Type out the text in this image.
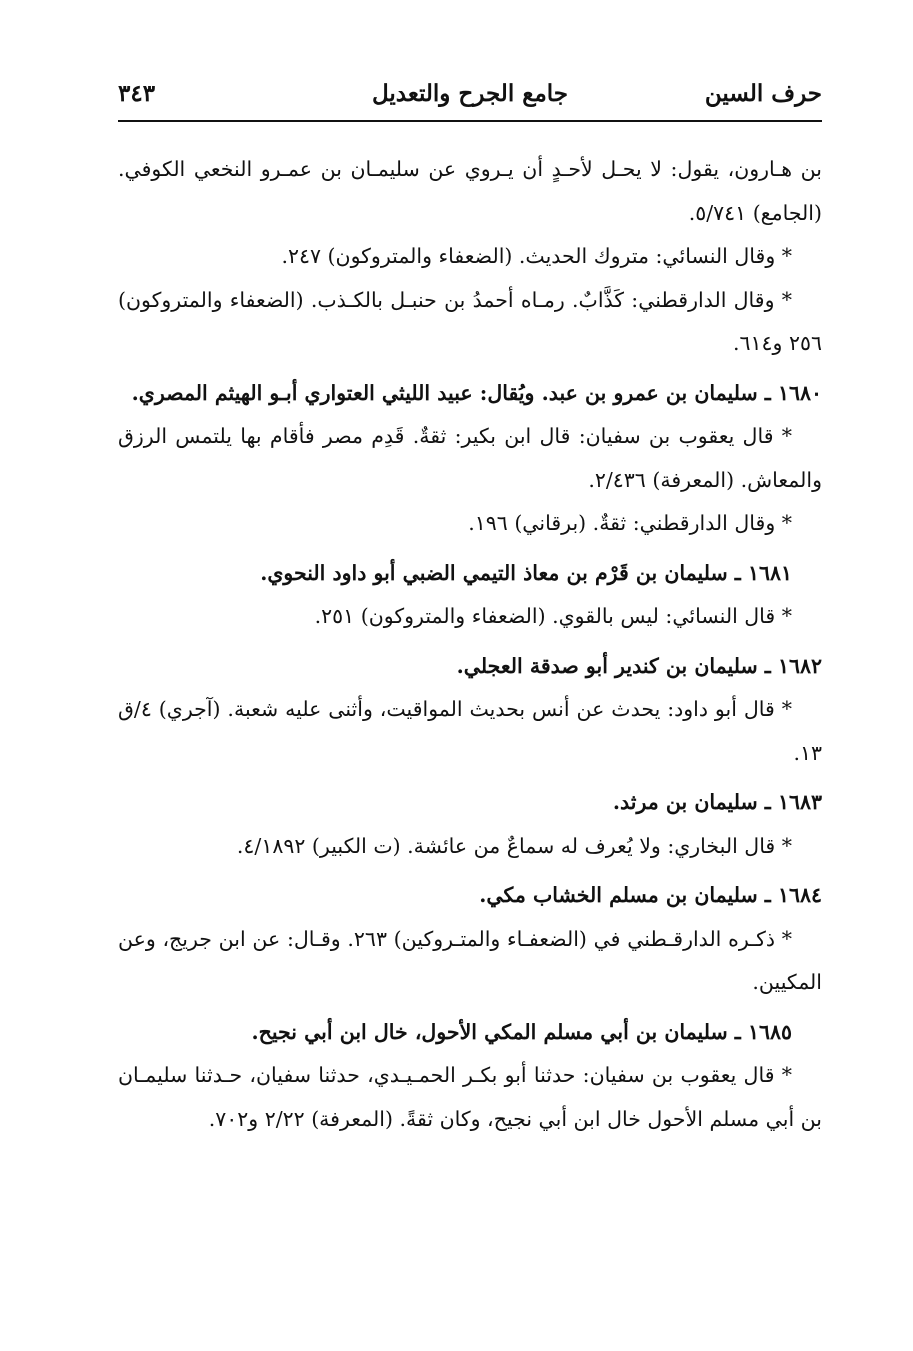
حرف السين
جامع الجرح والتعديل
٣٤٣

بن هـارون، يقول: لا يحـل لأحـدٍ أن يـروي عن سليمـان بن عمـرو النخعي الكوفي. (الجامع) ٥/٧٤١.

* وقال النسائي: متروك الحديث. (الضعفاء والمتروكون) ٢٤٧.

* وقال الدارقطني: كَذَّابٌ. رمـاه أحمدُ بن حنبـل بالكـذب. (الضعفاء والمتروكون) ٢٥٦ و٦١٤.

١٦٨٠ ـ سليمان بن عمرو بن عبد. ويُقال: عبيد الليثي العتواري أبـو الهيثم المصري.

* قال يعقوب بن سفيان: قال ابن بكير: ثقةٌ. قَدِم مصر فأقام بها يلتمس الرزق والمعاش. (المعرفة) ٢/٤٣٦.

* وقال الدارقطني: ثقةٌ. (برقاني) ١٩٦.

١٦٨١ ـ سليمان بن قَرْم بن معاذ التيمي الضبي أبو داود النحوي.

* قال النسائي: ليس بالقوي. (الضعفاء والمتروكون) ٢٥١.

١٦٨٢ ـ سليمان بن كندير أبو صدقة العجلي.

* قال أبو داود: يحدث عن أنس بحديث المواقيت، وأثنى عليه شعبة. (آجري) ٤/ق ١٣.

١٦٨٣ ـ سليمان بن مرثد.

* قال البخاري: ولا يُعرف له سماعٌ من عائشة. (ت الكبير) ٤/١٨٩٢.

١٦٨٤ ـ سليمان بن مسلم الخشاب مكي.

* ذكـره الدارقـطني في (الضعفـاء والمتـروكين) ٢٦٣. وقـال: عن ابن جريج، وعن المكيين.

١٦٨٥ ـ سليمان بن أبي مسلم المكي الأحول، خال ابن أبي نجيح.

* قال يعقوب بن سفيان: حدثنا أبو بكـر الحمـيـدي، حدثنا سفيان، حـدثنا سليمـان بن أبي مسلم الأحول خال ابن أبي نجيح، وكان ثقةً. (المعرفة) ٢/٢٢ و٧٠٢.
